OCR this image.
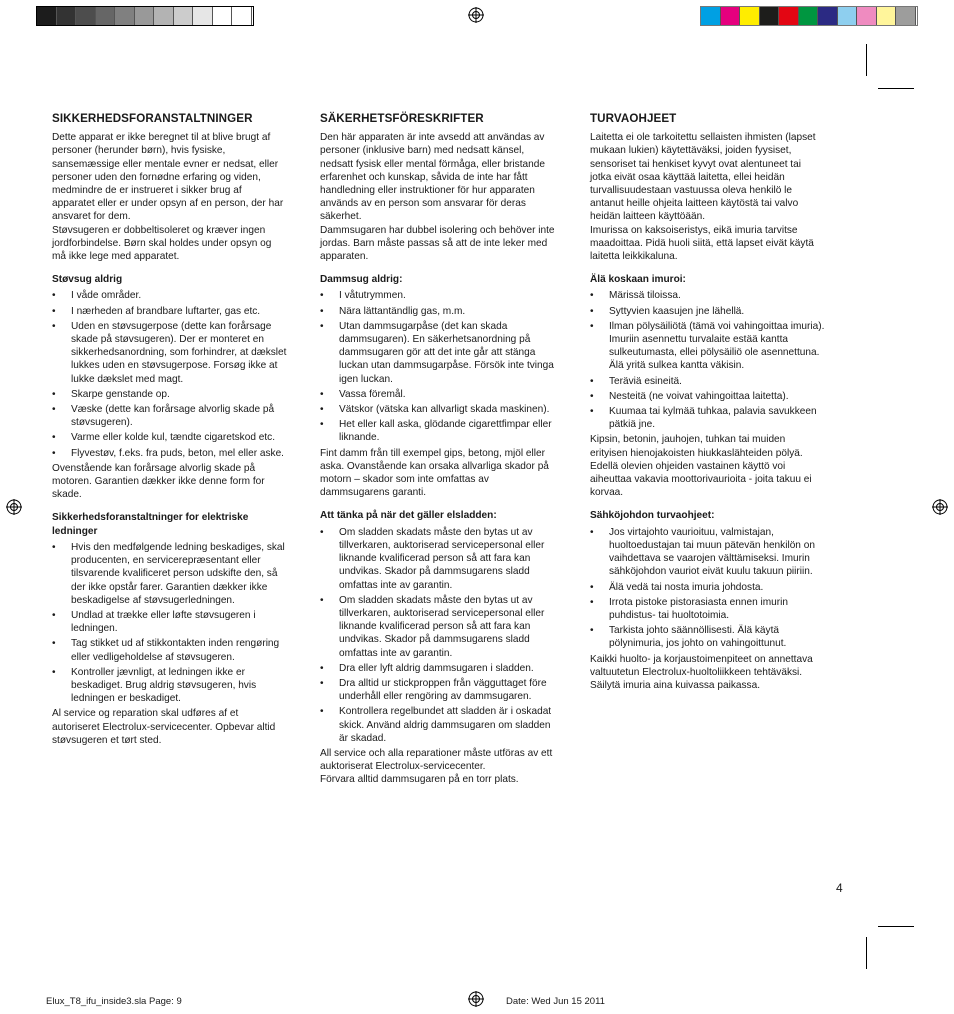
SIKKERHEDSFORANSTALTNINGER

Dette apparat er ikke beregnet til at blive brugt af personer (herunder børn), hvis fysiske, sansemæssige eller mentale evner er nedsat, eller personer uden den fornødne erfaring og viden, medmindre de er instrueret i sikker brug af apparatet eller er under opsyn af en person, der har ansvaret for dem.

Støvsugeren er dobbeltisoleret og kræver ingen jordforbindelse. Børn skal holdes under opsyn og må ikke lege med apparatet.

Støvsug aldrig
• I våde områder.
• I nærheden af brandbare luftarter, gas etc.
• Uden en støvsugerpose (dette kan forårsage skade på støvsugeren). Der er monteret en sikkerhedsanordning, som forhindrer, at dækslet lukkes uden en støvsugerpose. Forsøg ikke at lukke dækslet med magt.
• Skarpe genstande op.
• Væske (dette kan forårsage alvorlig skade på støvsugeren).
• Varme eller kolde kul, tændte cigaretskod etc.
• Flyvestøv, f.eks. fra puds, beton, mel eller aske.

Ovenstående kan forårsage alvorlig skade på motoren. Garantien dækker ikke denne form for skade.

Sikkerhedsforanstaltninger for elektriske ledninger
• Hvis den medfølgende ledning beskadiges, skal producenten, en servicerepræsentant eller tilsvarende kvalificeret person udskifte den, så der ikke opstår farer. Garantien dækker ikke beskadigelse af støvsugerledningen.
• Undlad at trække eller løfte støvsugeren i ledningen.
• Tag stikket ud af stikkontakten inden rengøring eller vedligeholdelse af støvsugeren.
• Kontroller jævnligt, at ledningen ikke er beskadiget. Brug aldrig støvsugeren, hvis ledningen er beskadiget.

Al service og reparation skal udføres af et autoriseret Electrolux-servicecenter. Opbevar altid støvsugeren et tørt sted.

SÄKERHETSFÖRESKRIFTER

Den här apparaten är inte avsedd att användas av personer (inklusive barn) med nedsatt känsel, nedsatt fysisk eller mental förmåga, eller bristande erfarenhet och kunskap, såvida de inte har fått handledning eller instruktioner för hur apparaten används av en person som ansvarar för deras säkerhet.

Dammsugaren har dubbel isolering och behöver inte jordas. Barn måste passas så att de inte leker med apparaten.

Dammsug aldrig:
• I våtutrymmen.
• Nära lättantändlig gas, m.m.
• Utan dammsugarpåse (det kan skada dammsugaren). En säkerhetsanordning på dammsugaren gör att det inte går att stänga luckan utan dammsugarpåse. Försök inte tvinga igen luckan.
• Vassa föremål.
• Vätskor (vätska kan allvarligt skada maskinen).
• Het eller kall aska, glödande cigarettfimpar eller liknande.

Fint damm från till exempel gips, betong, mjöl eller aska. Ovanstående kan orsaka allvarliga skador på motorn – skador som inte omfattas av dammsugarens garanti.

Att tänka på när det gäller elsladden:
• Om sladden skadats måste den bytas ut av tillverkaren, auktoriserad servicepersonal eller liknande kvalificerad person så att fara kan undvikas. Skador på dammsugarens sladd omfattas inte av garantin.
• Om sladden skadats måste den bytas ut av tillverkaren, auktoriserad servicepersonal eller liknande kvalificerad person så att fara kan undvikas. Skador på dammsugarens sladd omfattas inte av garantin.
• Dra eller lyft aldrig dammsugaren i sladden.
• Dra alltid ur stickproppen från vägguttaget före underhåll eller rengöring av dammsugaren.
• Kontrollera regelbundet att sladden är i oskadat skick. Använd aldrig dammsugaren om sladden är skadad.

All service och alla reparationer måste utföras av ett auktoriserat Electrolux-servicecenter.

Förvara alltid dammsugaren på en torr plats.

TURVAOHJEET

Laitetta ei ole tarkoitettu sellaisten ihmisten (lapset mukaan lukien) käytettäväksi, joiden fyysiset, sensoriset tai henkiset kyvyt ovat alentuneet tai jotka eivät osaa käyttää laitetta, ellei heidän turvallisuudestaan vastuussa oleva henkilö le antanut heille ohjeita laitteen käytöstä tai valvo heidän laitteen käyttöään.

Imurissa on kaksoiseristys, eikä imuria tarvitse maadoittaa. Pidä huoli siitä, että lapset eivät käytä laitetta leikkikaluna.

Älä koskaan imuroi:
• Märissä tiloissa.
• Syttyvien kaasujen jne lähellä.
• Ilman pölysäiliötä (tämä voi vahingoittaa imuria). Imuriin asennettu turvalaite estää kantta sulkeutumasta, ellei pölysäiliö ole asennettuna. Älä yritä sulkea kantta väkisin.
• Teräviä esineitä.
• Nesteitä (ne voivat vahingoittaa laitetta).
• Kuumaa tai kylmää tuhkaa, palavia savukkeen pätkiä jne.

Kipsin, betonin, jauhojen, tuhkan tai muiden erityisen hienojakoisten hiukkaslähteiden pölyä. Edellä olevien ohjeiden vastainen käyttö voi aiheuttaa vakavia moottorivaurioita - joita takuu ei korvaa.

Sähköjohdon turvaohjeet:
• Jos virtajohto vaurioituu, valmistajan, huoltoedustajan tai muun pätevän henkilön on vaihdettava se vaarojen välttämiseksi. Imurin sähköjohdon vauriot eivät kuulu takuun piiriin.
• Älä vedä tai nosta imuria johdosta.
• Irrota pistoke pistorasiasta ennen imurin puhdistus- tai huoltotoimia.
• Tarkista johto säännöllisesti. Älä käytä pölynimuria, jos johto on vahingoittunut.

Kaikki huolto- ja korjaustoimenpiteet on annettava valtuutetun Electrolux-huoltoliikkeen tehtäväksi.

Säilytä imuria aina kuivassa paikassa.

4
Elux_T8_ifu_inside3.sla Page: 9	Date: Wed Jun 15 2011
